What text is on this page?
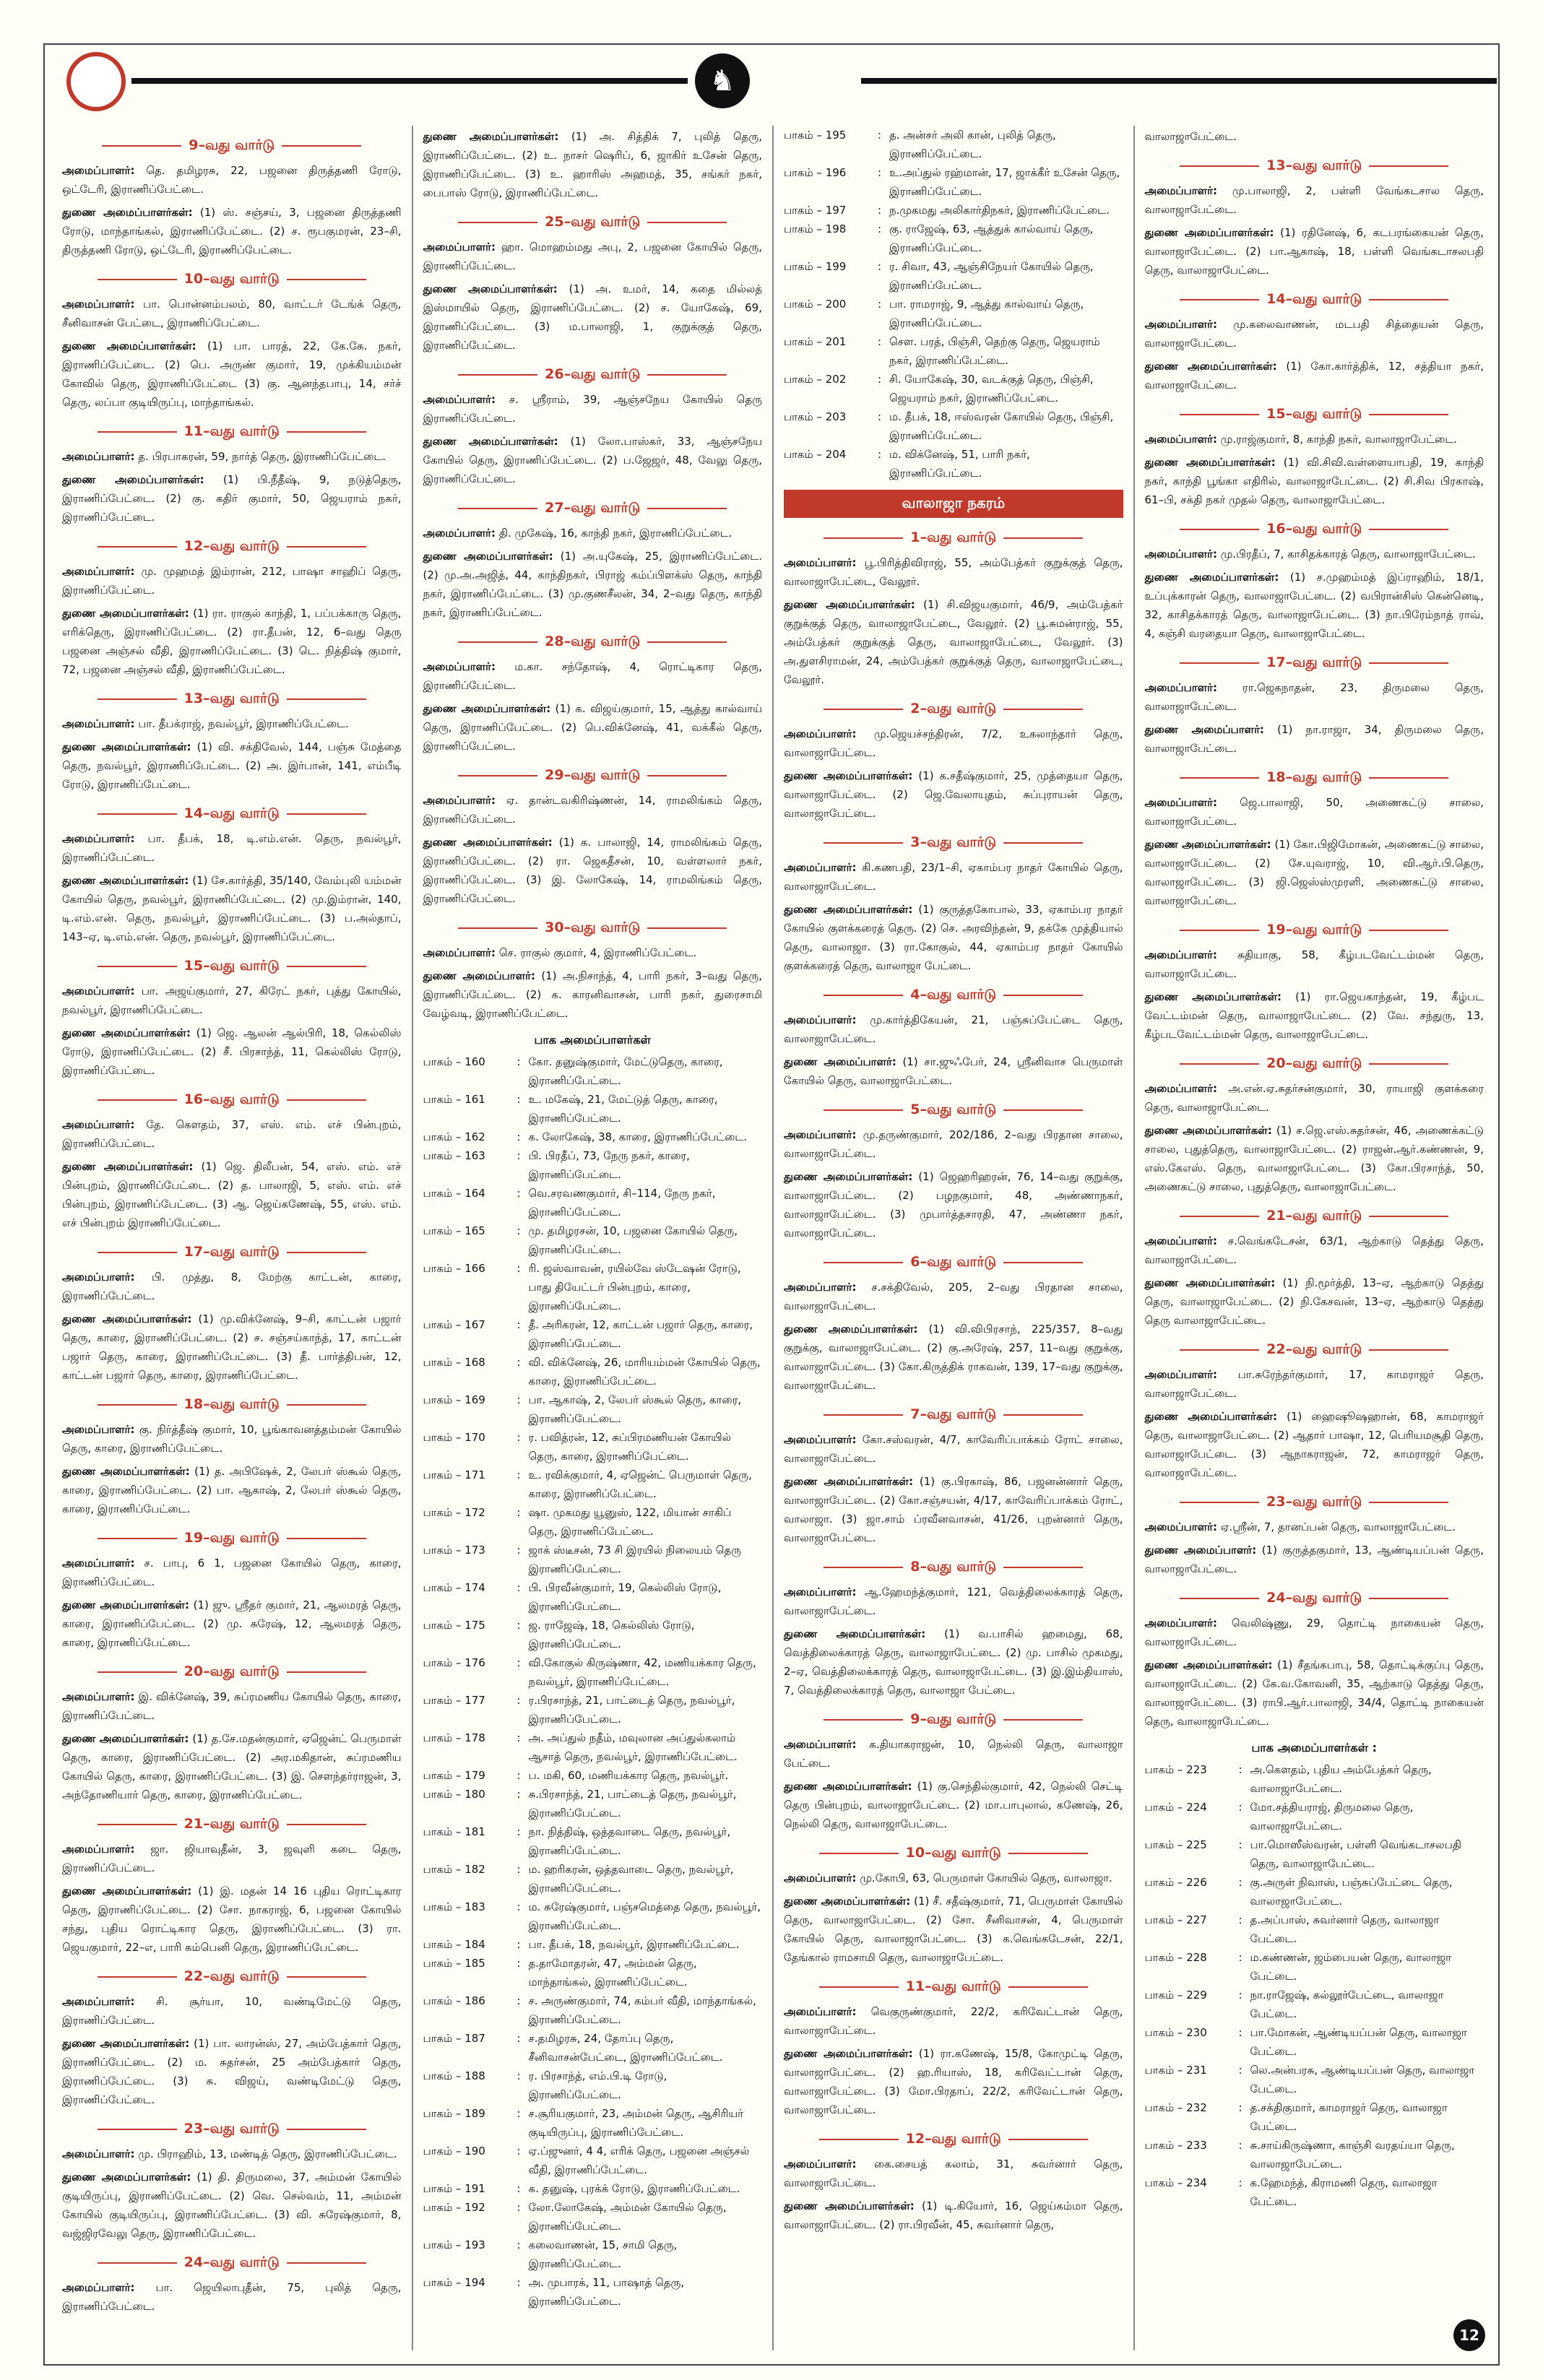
♞
9–வது வார்டு
அமைப்பாளர்: தெ. தமிழரசு, 22, பஜனை திருத்தணி ரோடு, ஒட்டேரி, இராணிப்பேட்டை.
துணை அமைப்பாளர்கள்: (1) ஸ். சஞ்சய், 3, பஜனை திருத்தணி ரோடு, மாந்தாங்கல், இராணிப்பேட்டை. (2) ச. ரூபகுமரன், 23–சி, திருத்தணி ரோடு, ஒட்டேரி, இராணிப்பேட்டை.
10–வது வார்டு
அமைப்பாளர்: பா. பொன்னம்பலம், 80, வாட்டர் டேங்க் தெரு, சீனிவாசன் பேட்டை, இராணிப்பேட்டை.
துணை அமைப்பாளர்கள்: (1) பா. பாரத், 22, கே.கே. நகர், இராணிப்பேட்டை. (2) பெ. அருண் குமார், 19, முக்கியம்மன் கோவில் தெரு, இராணிப்பேட்டை (3) கு. ஆனந்தபாபு, 14, சர்ச் தெரு, லப்பா குடியிருப்பு, மாந்தாங்கல்.
11–வது வார்டு
அமைப்பாளர்: த. பிரபாகரன், 59, நார்த் தெரு, இராணிப்பேட்டை.
துணை அமைப்பாளர்கள்: (1) பி.நீதீஷ், 9, நடுத்தெரு, இராணிப்பேட்டை. (2) கு. கதிர் குமார், 50, ஜெயராம் நகர், இராணிப்பேட்டை.
12–வது வார்டு
அமைப்பாளர்: மு. முஹமத் இம்ரான், 212, பாஷா சாஹிப் தெரு, இராணிப்பேட்டை.
துணை அமைப்பாளர்கள்: (1) ரா. ராகுல் காந்தி, 1, பப்பக்காரு தெரு, எரிக்தெரு, இராணிப்பேட்டை. (2) ரா.தீபன், 12, 6–வது தெரு பஜனை அஞ்சல் வீதி, இராணிப்பேட்டை. (3) டெ. நித்திஷ் குமார், 72, பஜனை அஞ்சல் வீதி, இராணிப்பேட்டை.
13–வது வார்டு
அமைப்பாளர்: பா. தீபக்ராஜ், நவல்பூர், இராணிப்பேட்டை.
துணை அமைப்பாளர்கள்: (1) வி. சக்திவேல், 144, பஞ்சு மேத்தை தெரு, நவல்பூர், இராணிப்பேட்டை. (2) அ. இர்பான், 141, எம்பீடி ரோடு, இராணிப்பேட்டை.
14–வது வார்டு
அமைப்பாளர்: பா. தீபக், 18, டி.எம்.என். தெரு, நவல்பூர், இராணிப்பேட்டை.
துணை அமைப்பாளர்கள்: (1) சே.கார்த்தி, 35/140, வேம்புலி யம்மன் கோயில் தெரு, நவல்பூர், இராணிப்பேட்டை. (2) மு.இம்ரான், 140, டி.எம்.என். தெரு, நவல்பூர், இராணிப்பேட்டை. (3) ப.அல்தாப், 143–ஏ, டி.எம்.என். தெரு, நவல்பூர், இராணிப்பேட்டை.
15–வது வார்டு
அமைப்பாளர்: பா. அஜய்குமார், 27, கிரேட் நகர், புத்து கோயில், நவல்பூர், இராணிப்பேட்டை.
துணை அமைப்பாளர்கள்: (1) ஜெ. ஆலன் ஆல்பிரி, 18, கெல்லிஸ் ரோடு, இராணிப்பேட்டை. (2) சீ. பிரசாந்த், 11, கெல்லிஸ் ரோடு, இராணிப்பேட்டை.
16–வது வார்டு
அமைப்பாளர்: தே. கௌதம், 37, எஸ். எம். எச் பின்புறம், இராணிப்பேட்டை.
துணை அமைப்பாளர்கள்: (1) ஜெ. திலீபன், 54, எஸ். எம். எச் பின்புறம், இராணிப்பேட்டை. (2) த. பாலாஜி, 5, எஸ். எம். எச் பின்புறம், இராணிப்பேட்டை. (3) ஆ. ஜெய்கணேஷ், 55, எஸ். எம். எச் பின்புறம் இராணிப்பேட்டை.
17–வது வார்டு
அமைப்பாளர்: பி. முத்து, 8, மேற்கு காட்டன், காரை, இராணிப்பேட்டை.
துணை அமைப்பாளர்கள்: (1) மு.விக்னேஷ், 9–சி, காட்டன் பஜார் தெரு, காரை, இராணிப்பேட்டை. (2) ச. சஞ்சய்காந்த், 17, காட்டன் பஜார் தெரு, காரை, இராணிப்பேட்டை. (3) தீ. பார்த்திபன், 12, காட்டன் பஜார் தெரு, காரை, இராணிப்பேட்டை.
18–வது வார்டு
அமைப்பாளர்: கு. நிர்த்தீஷ் குமார், 10, பூங்காவனத்தம்மன் கோயில் தெரு, காரை, இராணிப்பேட்டை.
துணை அமைப்பாளர்கள்: (1) த. அபிஷேக், 2, லேபர் ஸ்கூல் தெரு, காரை, இராணிப்பேட்டை. (2) பா. ஆகாஷ், 2, லேபர் ஸ்கூல் தெரு, காரை, இராணிப்பேட்டை.
19–வது வார்டு
அமைப்பாளர்: ச. பாபு, 6 1, பஜனை கோயில் தெரு, காரை, இராணிப்பேட்டை.
துணை அமைப்பாளர்கள்: (1) ஜு. ஸ்ரீதர் குமார், 21, ஆலமரத் தெரு, காரை, இராணிப்பேட்டை. (2) மு. சுரேஷ், 12, ஆலமரத் தெரு, காரை, இராணிப்பேட்டை.
20–வது வார்டு
அமைப்பாளர்: இ. விக்னேஷ், 39, சுப்ரமணிய கோயில் தெரு, காரை, இராணிப்பேட்டை.
துணை அமைப்பாளர்கள்: (1) த.சே.மதன்குமார், ஏஜென்ட் பெருமாள் தெரு, காரை, இராணிப்பேட்டை. (2) அர.மகிதான், சுப்ரமணிய கோயில் தெரு, காரை, இராணிப்பேட்டை. (3) இ. சௌந்தர்ராஜன், 3, அந்தோணியார் தெரு, காரை, இராணிப்பேட்டை.
21–வது வார்டு
அமைப்பாளர்: ஜா. ஜியாவுதீன், 3, ஜவுளி கடை தெரு, இராணிப்பேட்டை.
துணை அமைப்பாளர்கள்: (1) இ. மதன் 14 16 புதிய ரொட்டிகார தெரு, இராணிப்பேட்டை. (2) சோ. நாகராஜ், 6, பஜனை கோயில் சந்து, புதிய ரொட்டிகார தெரு, இராணிப்பேட்டை. (3) ரா. ஜெயகுமார், 22–எ, பாரி கம்பெனி தெரு, இராணிப்பேட்டை.
22–வது வார்டு
அமைப்பாளர்: சி. சூர்யா, 10, வண்டிமேட்டு தெரு, இராணிப்பேட்டை.
துணை அமைப்பாளர்கள்: (1) பா. லாரன்ஸ், 27, அம்பேத்கார் தெரு, இராணிப்பேட்டை. (2) ம. சுதர்சன், 25 அம்பேத்கார் தெரு, இராணிப்பேட்டை. (3) சு. விஜய், வண்டிமேட்டு தெரு, இராணிப்பேட்டை.
23–வது வார்டு
அமைப்பாளர்: மு. பிராஹிம், 13, மண்டித் தெரு, இராணிப்பேட்டை.
துணை அமைப்பாளர்கள்: (1) தி. திருமலை, 37, அம்மன் கோயில் குடியிருப்பு, இராணிப்பேட்டை. (2) வெ. செல்வம், 11, அம்மன் கோயில் குடியிருப்பு, இராணிப்பேட்டை. (3) வி. சுரேஷ்குமார், 8, வஜ்ஜிரவேலு தெரு, இராணிப்பேட்டை.
24–வது வார்டு
அமைப்பாளர்: பா. ஜெயிலாபுதீன், 75, புலித் தெரு, இராணிப்பேட்டை.
துணை அமைப்பாளர்கள்: (1) அ. சித்திக் 7, புலித் தெரு, இராணிப்பேட்டை. (2) உ. நாசர் ஷெரிப், 6, ஜாகிர் உசேன் தெரு, இராணிப்பேட்டை. (3) உ. ஹாரிஸ் அஹமத், 35, சங்கர் நகர், பைபாஸ் ரோடு, இராணிப்பேட்டை.
25–வது வார்டு
அமைப்பாளர்: ஹா. மொஹம்மது அபு, 2, பஜனை கோயில் தெரு, இராணிப்பேட்டை.
துணை அமைப்பாளர்கள்: (1) அ. உமர், 14, கதை மில்லத் இஸ்மாயில் தெரு, இராணிப்பேட்டை. (2) ச. யோகேஷ், 69, இராணிப்பேட்டை. (3) ம.பாலாஜி, 1, குறுக்குத் தெரு, இராணிப்பேட்டை.
26–வது வார்டு
அமைப்பாளர்: ச. ஸ்ரீராம், 39, ஆஞ்சநேய கோயில் தெரு இராணிப்பேட்டை.
துணை அமைப்பாளர்கள்: (1) லோ.பாஸ்கர், 33, ஆஞ்சநேய கோயில் தெரு, இராணிப்பேட்டை. (2) ப.ஜேஜர், 48, வேலு தெரு, இராணிப்பேட்டை.
27–வது வார்டு
அமைப்பாளர்: தி. முகேஷ், 16, காந்தி நகர், இராணிப்பேட்டை.
துணை அமைப்பாளர்கள்: (1) அ.யுகேஷ், 25, இராணிப்பேட்டை. (2) மு.அ.அஜித், 44, காந்திநகர், பிராஜ் கம்ப்பிளக்ஸ் தெரு, காந்தி நகர், இராணிப்பேட்டை. (3) மு.குணசீலன், 34, 2–வது தெரு, காந்தி நகர், இராணிப்பேட்டை.
28–வது வார்டு
அமைப்பாளர்: ம.கா. சந்தோஷ், 4, ரொட்டிகார தெரு, இராணிப்பேட்டை.
துணை அமைப்பாளர்கள்: (1) க. விஜய்குமார், 15, ஆத்து கால்வாய் தெரு, இராணிப்பேட்டை. (2) பெ.விக்னேஷ், 41, வக்கீல் தெரு, இராணிப்பேட்டை.
29–வது வார்டு
அமைப்பாளர்: ஏ. தான்டவகிரிஷ்ணன், 14, ராமலிங்கம் தெரு, இராணிப்பேட்டை.
துணை அமைப்பாளர்கள்: (1) க. பாலாஜி, 14, ராமலிங்கம் தெரு, இராணிப்பேட்டை. (2) ரா. ஜெகதீசன், 10, வள்ளலார் நகர், இராணிப்பேட்டை. (3) இ. லோகேஷ், 14, ராமலிங்கம் தெரு, இராணிப்பேட்டை.
30–வது வார்டு
அமைப்பாளர்: செ. ராகுல் குமார், 4, இராணிப்பேட்டை.
துணை அமைப்பாளர்: (1) அ.நிசாந்த், 4, பாரி நகர், 3–வது தெரு, இராணிப்பேட்டை. (2) க. காரனிவாசன், பாரி நகர், துரைசாமி வேழ்வடி, இராணிப்பேட்டை.
பாக அமைப்பாளர்கள்
பாகம் – 160	: கோ. தனுஷ்குமார், மேட்டுதெரு, காரை, இராணிப்பேட்டை.
பாகம் – 161	: உ. மகேஷ், 21, மேட்டுத் தெரு, காரை, இராணிப்பேட்டை.
பாகம் – 162	: க. லோகேஷ், 38, காரை, இராணிப்பேட்டை.
பாகம் – 163	: பி. பிரதீப், 73, நேரு நகர், காரை, இராணிப்பேட்டை.
பாகம் – 164	: வெ.சரவணகுமார், சி–114, நேரு நகர், இராணிப்பேட்டை.
பாகம் – 165	: மு. தமிழரசன், 10, பஜனை கோயில் தெரு, இராணிப்பேட்டை.
பாகம் – 166	: ரி. ஜஸ்வாவன், ரயில்வே ஸ்டேஷன் ரோடு, பாது தியேட்டர் பின்புறம், காரை, இராணிப்பேட்டை.
பாகம் – 167	: தீ. அரிகரன், 12, காட்டன் பஜார் தெரு, காரை, இராணிப்பேட்டை.
பாகம் – 168	: வி. விக்னேஷ், 26, மாரியம்மன் கோயில் தெரு, காரை, இராணிப்பேட்டை.
பாகம் – 169	: பா. ஆகாஷ், 2, லேபர் ஸ்கூல் தெரு, காரை, இராணிப்பேட்டை.
பாகம் – 170	: ர. பவித்ரன், 12, சுப்பிரமணியன் கோயில் தெரு, காரை, இராணிப்பேட்டை.
பாகம் – 171	: உ. ரவிக்குமார், 4, ஏஜென்ட் பெருமாள் தெரு, காரை, இராணிப்பேட்டை.
பாகம் – 172	: ஷா. முகமது யூனுஸ், 122, மியான் சாகிப் தெரு, இராணிப்பேட்டை.
பாகம் – 173	: ஜாக் ஸ்டீசன், 73 சி இரயில் நிலையம் தெரு இராணிப்பேட்டை.
பாகம் – 174	: பி. பிரவீன்குமார், 19, கெல்லிஸ் ரோடு, இராணிப்பேட்டை.
பாகம் – 175	: ஜ. ராஜேஷ், 18, கெல்லிஸ் ரோடு, இராணிப்பேட்டை.
பாகம் – 176	: வி.கோகுல் கிருஷ்ணா, 42, மணியக்கார தெரு, நவல்பூர், இராணிப்பேட்டை.
பாகம் – 177	: ர.பிரசாந்த், 21, பாட்டைத் தெரு, நவல்பூர், இராணிப்பேட்டை.
பாகம் – 178	: அ. அப்துல் நதீம், மவுலான அப்துல்கலாம் ஆசாத் தெரு, நவல்பூர், இராணிப்பேட்டை.
பாகம் – 179	: ப. மகி, 60, மணியக்கார தெரு, நவல்பூர்.
பாகம் – 180	: சு.பிரசாந்த், 21, பாட்டைத் தெரு, நவல்பூர், இராணிப்பேட்டை.
பாகம் – 181	: நா. நித்திஷ், ஒத்தவாடை தெரு, நவல்பூர், இராணிப்பேட்டை.
பாகம் – 182	: ம. ஹரிகரன், ஒத்தவாடை தெரு, நவல்பூர், இராணிப்பேட்டை.
பாகம் – 183	: ம. சுரேஷ்குமார், பஞ்சமெத்தை தெரு, நவல்பூர், இராணிப்பேட்டை.
பாகம் – 184	: பா. தீபக், 18, நவல்பூர், இராணிப்பேட்டை.
பாகம் – 185	: த.தாமோதரன், 47, அம்மன் தெரு, மாந்தாங்கல், இராணிப்பேட்டை.
பாகம் – 186	: ச. அருண்குமார், 74, கம்பர் வீதி, மாந்தாங்கல், இராணிப்பேட்டை.
பாகம் – 187	: ச.தமிழரசு, 24, தோப்பு தெரு, சீனிவாசன்பேட்டை, இராணிப்பேட்டை.
பாகம் – 188	: ர. பிரசாந்த், எம்.பி.டி ரோடு, இராணிப்பேட்டை.
பாகம் – 189	: ச.சூரியகுமார், 23, அம்மன் தெரு, ஆசிரியர் குடியிருப்பு, இராணிப்பேட்டை.
பாகம் – 190	: ஏ.ப்ஜுனர், 4 4, எரிக் தெரு, பஜனை அஞ்சல் வீதி, இராணிப்பேட்டை.
பாகம் – 191	: க. தனுஷ், புரக்க் ரோடு, இராணிப்பேட்டை.
பாகம் – 192	: லோ.லோகேஷ், அம்மன் கோயில் தெரு, இராணிப்பேட்டை.
பாகம் – 193	: கலைவாணன், 15, சாமி தெரு, இராணிப்பேட்டை.
பாகம் – 194	: அ. முபாரக், 11, பாஷாத் தெரு, இராணிப்பேட்டை.
பாகம் – 195	: த. அன்சர் அலி கான், புலித் தெரு, இராணிப்பேட்டை.
பாகம் – 196	: உ.அப்துல் ரஹ்மான், 17, ஜாக்கீர் உசேன் தெரு, இராணிப்பேட்டை.
பாகம் – 197	: ந.முகமது அலிகார்திநகர், இராணிப்பேட்டை.
பாகம் – 198	: கு. ராஜேஷ், 63, ஆத்துக் கால்வாய் தெரு, இராணிப்பேட்டை.
பாகம் – 199	: ர. சிவா, 43, ஆஞ்சிநேயர் கோயில் தெரு, இராணிப்பேட்டை.
பாகம் – 200	: பா. ராமராஜ், 9, ஆத்து கால்வாய் தெரு, இராணிப்பேட்டை.
பாகம் – 201	: சௌ. பரத், பிஞ்சி, தெற்கு தெரு, ஜெயராம் நகர், இராணிப்பேட்டை.
பாகம் – 202	: சி. யோகேஷ், 30, வடக்குத் தெரு, பிஞ்சி, ஜெயராம் நகர், இராணிப்பேட்டை.
பாகம் – 203	: ம. தீபக், 18, ஈஸ்வரன் கோயில் தெரு, பிஞ்சி, இராணிப்பேட்டை.
பாகம் – 204	: ம. விக்னேஷ், 51, பாரி நகர், இராணிப்பேட்டை.
வாலாஜா நகரம்
1–வது வார்டு
அமைப்பாளர்: பூ.பிரித்திவிராஜ், 55, அம்பேத்கர் குறுக்குத் தெரு, வாலாஜாபேட்டை, வேலூர்.
துணை அமைப்பாளர்கள்: (1) சி.விஜயகுமார், 46/9, அம்பேத்கர் குறுக்குத் தெரு, வாலாஜாபேட்டை, வேலூர். (2) பூ.சுமன்ராஜ், 55, அம்பேத்கர் குறுக்குத் தெரு, வாலாஜாபேட்டை, வேலூர். (3) அ.துளசிராமன், 24, அம்பேத்கர் குறுக்குத் தெரு, வாலாஜாபேட்டை, வேலூர்.
2–வது வார்டு
அமைப்பாளர்: மு.ஜெயச்சந்திரன், 7/2, உகலாந்தார் தெரு, வாலாஜாபேட்டை.
துணை அமைப்பாளர்கள்: (1) க.சதீஷ்குமார், 25, முத்தையா தெரு, வாலாஜாபேட்டை. (2) ஜெ.வேலாயுதம், சுப்புராயன் தெரு, வாலாஜாபேட்டை.
3–வது வார்டு
அமைப்பாளர்: கி.கணபதி, 23/1–சி, ஏகாம்பர நாதர் கோயில் தெரு, வாலாஜாபேட்டை.
துணை அமைப்பாளர்கள்: (1) குருத்தகோபால், 33, ஏகாம்பர நாதர் கோயில் குளக்கரைத் தெரு. (2) செ. அரவிந்தன், 9, தக்கே முத்தியால் தெரு, வாலாஜா. (3) ரா.கோகுல், 44, ஏகாம்பர நாதர் கோயில் குளக்கரைத் தெரு, வாலாஜா பேட்டை.
4–வது வார்டு
அமைப்பாளர்: மு.கார்த்திகேயன், 21, பஞ்சுப்பேட்டை தெரு, வாலாஜாபேட்டை.
துணை அமைப்பாளர்: (1) சா.ஜுஃபேர், 24, ஸ்ரீனிவாச பெருமாள் கோயில் தெரு, வாலாஜாபேட்டை.
5–வது வார்டு
அமைப்பாளர்: மு.தருண்குமார், 202/186, 2–வது பிரதான சாலை, வாலாஜாபேட்டை.
துணை அமைப்பாளர்கள்: (1) ஜெஹரிஹரன், 76, 14–வது குறுக்கு, வாலாஜாபேட்டை. (2) பழநகுமார், 48, அண்ணாநகர், வாலாஜாபேட்டை. (3) முபார்த்தசாரதி, 47, அண்ணா நகர், வாலாஜாபேட்டை.
6–வது வார்டு
அமைப்பாளர்: ச.சக்திவேல், 205, 2–வது பிரதான சாலை, வாலாஜாபேட்டை.
துணை அமைப்பாளர்கள்: (1) வி.விபிரசாந், 225/357, 8–வது குறுக்கு, வாலாஜாபேட்டை. (2) கு.அரேஷ், 257, 11–வது குறுக்கு, வாலாஜாபேட்டை. (3) கோ.கிருத்திக் ராகவன், 139, 17–வது குறுக்கு, வாலாஜாபேட்டை.
7–வது வார்டு
அமைப்பாளர்: கோ.சஸ்வரன், 4/7, காவேரிப்பாக்கம் ரோட் சாலை, வாலாஜாபேட்டை.
துணை அமைப்பாளர்கள்: (1) கு.பிரகாஷ், 86, பஜனன்னார் தெரு, வாலாஜாபேட்டை. (2) கோ.சஞ்சயன், 4/17, காவேரிப்பாக்கம் ரோட், வாலாஜா. (3) ஜா.சாம் ப்ரவீனவாசன், 41/26, புறன்னார் தெரு, வாலாஜாபேட்டை.
8–வது வார்டு
அமைப்பாளர்: ஆ.ஹேமந்த்குமார், 121, வெத்திலைக்காரத் தெரு, வாலாஜாபேட்டை.
துணை அமைப்பாளர்கள்: (1) வ.பாசில் ஹமைது, 68, வெத்திலைக்காரத் தெரு, வாலாஜாபேட்டை. (2) மு. பாசில் முகமது, 2–ஏ, வெத்திலைக்காரத் தெரு, வாலாஜாபேட்டை. (3) இ.இம்தியாஸ், 7, வெத்திலைக்காரத் தெரு, வாலாஜா பேட்டை.
9–வது வார்டு
அமைப்பாளர்: க.தியாகராஜன், 10, நெல்லி தெரு, வாலாஜா பேட்டை.
துணை அமைப்பாளர்கள்: (1) கு.செந்தில்குமார், 42, நெல்லி செட்டி தெரு பின்புறம், வாலாஜாபேட்டை. (2) மா.பாபுலால், கணேஷ், 26, நெல்லி தெரு, வாலாஜாபேட்டை.
10–வது வார்டு
அமைப்பாளர்: மு.கோபி, 63, பெருமாள் கோயில் தெரு, வாலாஜா.
துணை அமைப்பாளர்கள்: (1) சீ. சதீஷ்குமார், 71, பெருமாள் கோயில் தெரு, வாலாஜாபேட்டை. (2) சோ. சீனிவாசன், 4, பெருமாள் கோயில் தெரு, வாலாஜாபேட்டை. (3) க.வெங்கடேசன், 22/1, தேங்கால் ராமசாமி தெரு, வாலாஜாபேட்டை.
11–வது வார்டு
அமைப்பாளர்: வெகுருண்குமார், 22/2, கரிவேட்டான் தெரு, வாலாஜாபேட்டை.
துணை அமைப்பாளர்கள்: (1) ரா.கணேஷ், 15/8, கோமுட்டி தெரு, வாலாஜாபேட்டை. (2) ஹ.ரியாஸ், 18, கரிவேட்டான் தெரு, வாலாஜாபேட்டை. (3) மோ.பிரதாப், 22/2, கரிவேட்டான் தெரு, வாலாஜாபேட்டை.
12–வது வார்டு
அமைப்பாளர்: கை.சையத் கலாம், 31, சுவர்னார் தெரு, வாலாஜாபேட்டை.
துணை அமைப்பாளர்கள்: (1) டி.கியோர், 16, ஜெய்கம்மா தெரு, வாலாஜாபேட்டை. (2) ரா.பிரவீன், 45, சுவர்னார் தெரு,
வாலாஜாபேட்டை.
13–வது வார்டு
அமைப்பாளர்: மு.பாலாஜி, 2, பள்ளி வேங்கடசால தெரு, வாலாஜாபேட்டை.
துணை அமைப்பாளர்கள்: (1) ரதினேஷ், 6, கடபரங்கையன் தெரு, வாலாஜாபேட்டை. (2) பா.ஆகாஷ், 18, பள்ளி வெங்கடாசலபதி தெரு, வாலாஜாபேட்டை.
14–வது வார்டு
அமைப்பாளர்: மு.கலைவாணன், மடபதி சித்தையன் தெரு, வாலாஜாபேட்டை.
துணை அமைப்பாளர்கள்: (1) கோ.கார்த்திக், 12, சத்தியா நகர், வாலாஜாபேட்டை.
15–வது வார்டு
அமைப்பாளர்: மு.ராஜ்குமார், 8, காந்தி நகர், வாலாஜாபேட்டை.
துணை அமைப்பாளர்கள்: (1) வி.சிவி.வள்ளையாபதி, 19, காந்தி நகர், காந்தி பூங்கா எதிரில், வாலாஜாபேட்டை. (2) சி.சிவ பிரகாஷ், 61–பி, சக்தி நகர் முதல் தெரு, வாலாஜாபேட்டை.
16–வது வார்டு
அமைப்பாளர்: மு.பிரதீப், 7, காசிதக்காரத் தெரு, வாலாஜாபேட்டை.
துணை அமைப்பாளர்கள்: (1) ச.முஹம்மத் இப்ராஹிம், 18/1, உப்புக்காரன் தெரு, வாலாஜாபேட்டை. (2) வபிரான்சிஸ் கென்னெடி, 32, காசிதக்காரத் தெரு, வாலாஜாபேட்டை. (3) நா.பிரேம்நாத் ராவ், 4, கஞ்சி வரதையா தெரு, வாலாஜாபேட்டை.
17–வது வார்டு
அமைப்பாளர்: ரா.ஜெகநாதன், 23, திருமலை தெரு, வாலாஜாபேட்டை.
துணை அமைப்பாளர்: (1) நா.ராஜா, 34, திருமலை தெரு, வாலாஜாபேட்டை.
18–வது வார்டு
அமைப்பாளர்: ஜெ.பாலாஜி, 50, அணைகட்டு சாலை, வாலாஜாபேட்டை.
துணை அமைப்பாளர்கள்: (1) கோ.பிஜிமோகன், அணைகட்டு சாலை, வாலாஜாபேட்டை. (2) சே.யுவராஜ், 10, வி.ஆர்.பி.தெரு, வாலாஜாபேட்டை. (3) ஜி.ஜெஸ்ஸ்முரளி, அணைகட்டு சாலை, வாலாஜாபேட்டை.
19–வது வார்டு
அமைப்பாளர்: சுதியாகு, 58, கீழ்படவேட்டம்மன் தெரு, வாலாஜாபேட்டை.
துணை அமைப்பாளர்கள்: (1) ரா.ஜெயகாந்தன், 19, கீழ்பட வேட்டம்மன் தெரு, வாலாஜாபேட்டை. (2) வே. சந்துரு, 13, கீழ்படவேட்டம்மன் தெரு, வாலாஜாபேட்டை.
20–வது வார்டு
அமைப்பாளர்: அ.என்.ஏ.சுதர்சன்குமார், 30, ராயாஜி குளக்கரை தெரு, வாலாஜாபேட்டை.
துணை அமைப்பாளர்கள்: (1) ச.ஜெ.எஸ்.சுதர்சன், 46, அணைக்கட்டு சாலை, புதுத்தெரு, வாலாஜாபேட்டை. (2) ராஜன்.ஆர்.கண்ணன், 9, எஸ்.கேஎஸ். தெரு, வாலாஜாபேட்டை. (3) கோ.பிரசாந்த், 50, அணைகட்டு சாலை, புதுத்தெரு, வாலாஜாபேட்டை.
21–வது வார்டு
அமைப்பாளர்: ச.வெங்கடேசன், 63/1, ஆற்காடு தெத்து தெரு, வாலாஜாபேட்டை.
துணை அமைப்பாளர்கள்: (1) நி.மூர்த்தி, 13–ஏ, ஆற்காடு தெத்து தெரு, வாலாஜாபேட்டை. (2) நி.கேசவன், 13–ஏ, ஆற்காடு தெத்து தெரு வாலாஜாபேட்டை.
22–வது வார்டு
அமைப்பாளர்: பா.சுரேந்தர்குமார், 17, காமராஜர் தெரு, வாலாஜாபேட்டை.
துணை அமைப்பாளர்கள்: (1) ஹைஷூஷஹான், 68, காமராஜர் தெரு, வாலாஜாபேட்டை. (2) ஆதார் பாஷா, 12, பெரியமசூதி தெரு, வாலாஜாபேட்டை. (3) ஆநாகராஜன், 72, காமராஜர் தெரு, வாலாஜாபேட்டை.
23–வது வார்டு
அமைப்பாளர்: ஏ.ஸ்ரீன், 7, தானப்பன் தெரு, வாலாஜாபேட்டை.
துணை அமைப்பாளர்: (1) குருத்தகுமார், 13, ஆண்டியப்பன் தெரு, வாலாஜாபேட்டை.
24–வது வார்டு
அமைப்பாளர்: வெலிஷ்ணு, 29, தொட்டி நாகையன் தெரு, வாலாஜாபேட்டை.
துணை அமைப்பாளர்கள்: (1) சீதங்கபாபு, 58, தொட்டிக்குப்பு தெரு, வாலாஜாபேட்டை. (2) கே.வ.கோவனி, 35, ஆற்காடு தெத்து தெரு, வாலாஜாபேட்டை. (3) ராபி.ஆர்.பாலாஜி, 34/4, தொட்டி நாகையன் தெரு, வாலாஜாபேட்டை.
பாக அமைப்பாளர்கள் :
பாகம் – 223	: அ.கௌதம், புதிய அம்பேத்கர் தெரு, வாலாஜாபேட்டை.
பாகம் – 224	: மோ.சத்தியராஜ், திருமலை தெரு, வாலாஜாபேட்டை.
பாகம் – 225	: பா.மொஸீஸ்வரன், பள்ளி வெங்கடாசலபதி தெரு, வாலாஜாபேட்டை.
பாகம் – 226	: கு.அருள் நிவாஸ், பஞ்சுப்பேட்டை தெரு, வாலாஜாபேட்டை.
பாகம் – 227	: த.அப்பாஸ், சுவர்னார் தெரு, வாலாஜா பேட்டை.
பாகம் – 228	: ம.கண்ணன், ஜம்பையன் தெரு, வாலாஜா பேட்டை.
பாகம் – 229	: நா.ராஜேஷ், கல்லூர்பேட்டை, வாலாஜா பேட்டை.
பாகம் – 230	: பா.மோகன், ஆண்டியப்பன் தெரு, வாலாஜா பேட்டை.
பாகம் – 231	: லெ.அன்பரசு, ஆண்டியப்பன் தெரு, வாலாஜா பேட்டை.
பாகம் – 232	: த.சக்திகுமார், காமராஜர் தெரு, வாலாஜா பேட்டை.
பாகம் – 233	: சு.சாய்கிருஷ்ணா, காஞ்சி வரதய்யா தெரு, வாலாஜாபேட்டை.
பாகம் – 234	: க.ஹேமந்த், கிராமணி தெரு, வாலாஜா பேட்டை.
12
